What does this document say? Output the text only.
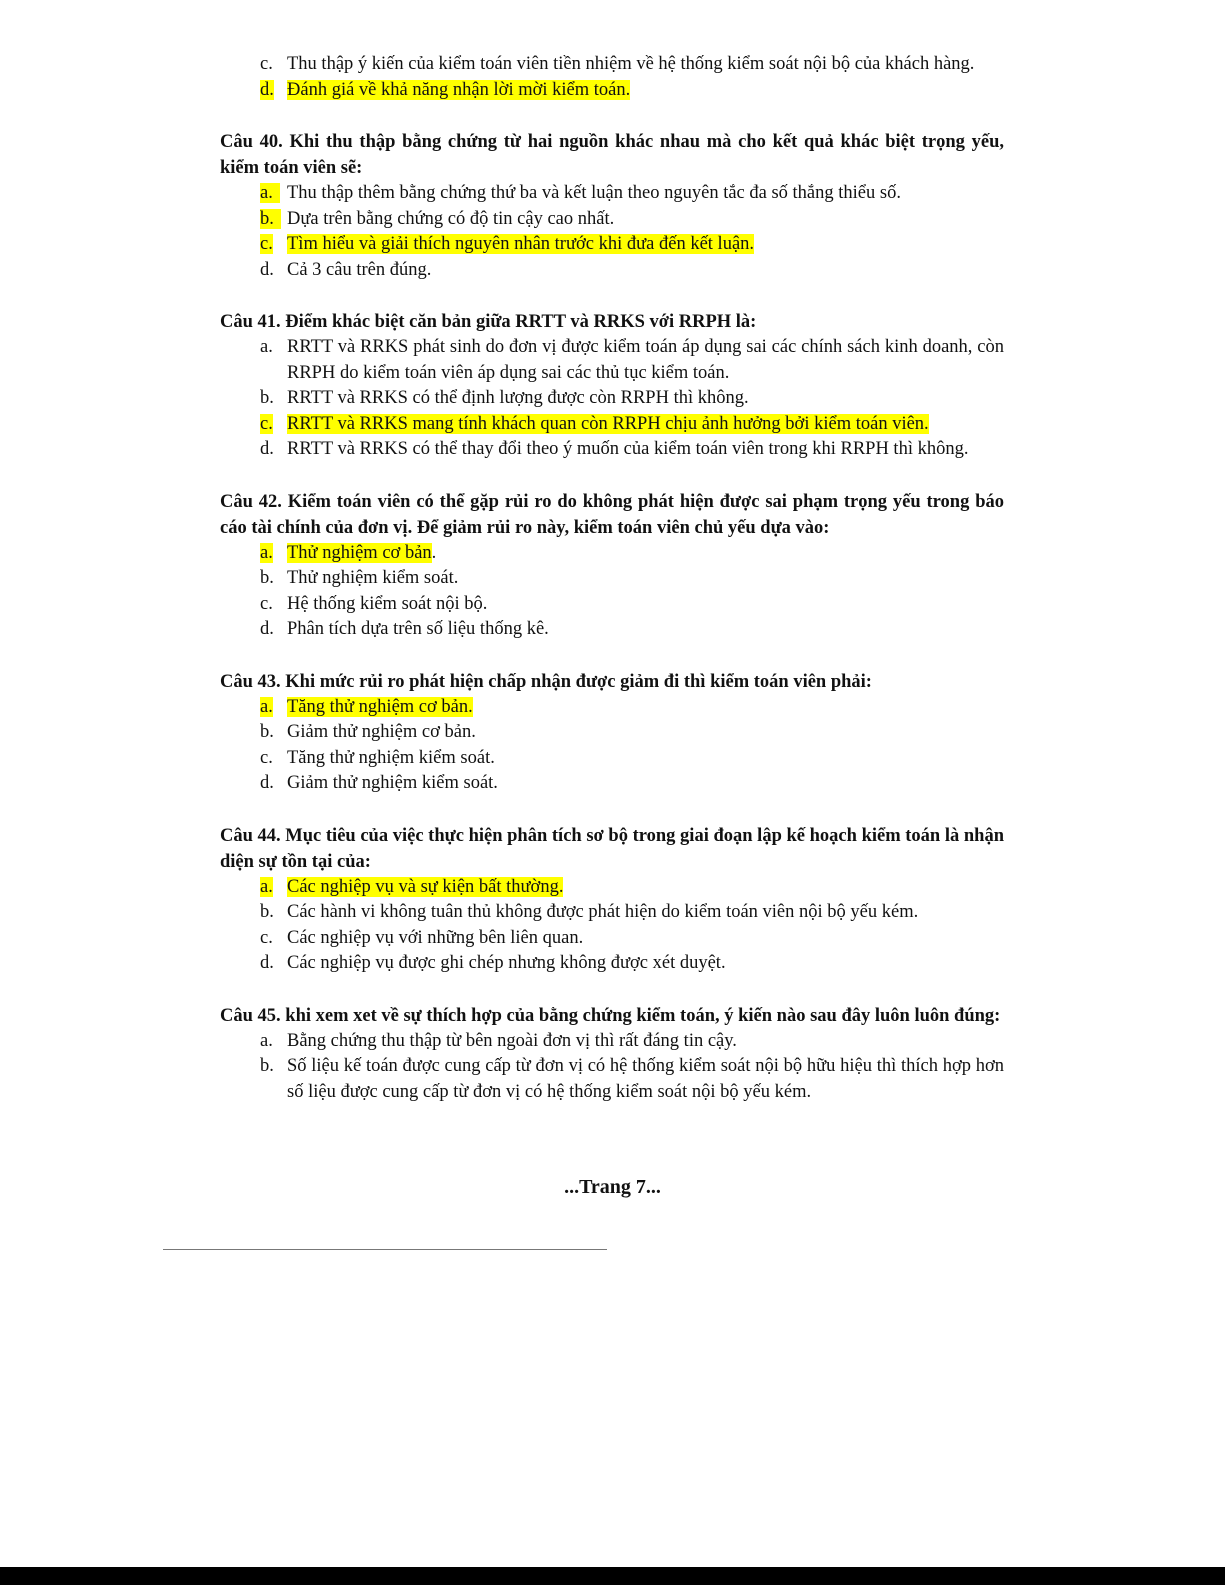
c. Thu thập ý kiến của kiểm toán viên tiền nhiệm về hệ thống kiểm soát nội bộ của khách hàng.
d. Đánh giá về khả năng nhận lời mời kiểm toán.

Câu 40. Khi thu thập bằng chứng từ hai nguồn khác nhau mà cho kết quả khác biệt trọng yếu, kiểm toán viên sẽ:

a. Thu thập thêm bằng chứng thứ ba và kết luận theo nguyên tắc đa số thắng thiểu số.
b. Dựa trên bằng chứng có độ tin cậy cao nhất.
c. Tìm hiểu và giải thích nguyên nhân trước khi đưa đến kết luận.
d. Cả 3 câu trên đúng.

Câu 41. Điểm khác biệt căn bản giữa RRTT và RRKS với RRPH là:

a. RRTT và RRKS phát sinh do đơn vị được kiểm toán áp dụng sai các chính sách kinh doanh, còn RRPH do kiểm toán viên áp dụng sai các thủ tục kiểm toán.
b. RRTT và RRKS có thể định lượng được còn RRPH thì không.
c. RRTT và RRKS mang tính khách quan còn RRPH chịu ảnh hưởng bởi kiểm toán viên.
d. RRTT và RRKS có thể thay đổi theo ý muốn của kiểm toán viên trong khi RRPH thì không.

Câu 42. Kiểm toán viên có thể gặp rủi ro do không phát hiện được sai phạm trọng yếu trong báo cáo tài chính của đơn vị. Để giảm rủi ro này, kiểm toán viên chủ yếu dựa vào:

a. Thử nghiệm cơ bản.
b. Thử nghiệm kiểm soát.
c. Hệ thống kiểm soát nội bộ.
d. Phân tích dựa trên số liệu thống kê.

Câu 43. Khi mức rủi ro phát hiện chấp nhận được giảm đi thì kiểm toán viên phải:

a. Tăng thử nghiệm cơ bản.
b. Giảm thử nghiệm cơ bản.
c. Tăng thử nghiệm kiểm soát.
d. Giảm thử nghiệm kiểm soát.

Câu 44. Mục tiêu của việc thực hiện phân tích sơ bộ trong giai đoạn lập kế hoạch kiểm toán là nhận diện sự tồn tại của:

a. Các nghiệp vụ và sự kiện bất thường.
b. Các hành vi không tuân thủ không được phát hiện do kiểm toán viên nội bộ yếu kém.
c. Các nghiệp vụ với những bên liên quan.
d. Các nghiệp vụ được ghi chép nhưng không được xét duyệt.

Câu 45. khi xem xet về sự thích hợp của bằng chứng kiểm toán, ý kiến nào sau đây luôn luôn đúng:

a. Bằng chứng thu thập từ bên ngoài đơn vị thì rất đáng tin cậy.
b. Số liệu kế toán được cung cấp từ đơn vị có hệ thống kiểm soát nội bộ hữu hiệu thì thích hợp hơn số liệu được cung cấp từ đơn vị có hệ thống kiểm soát nội bộ yếu kém.
...Trang 7...
